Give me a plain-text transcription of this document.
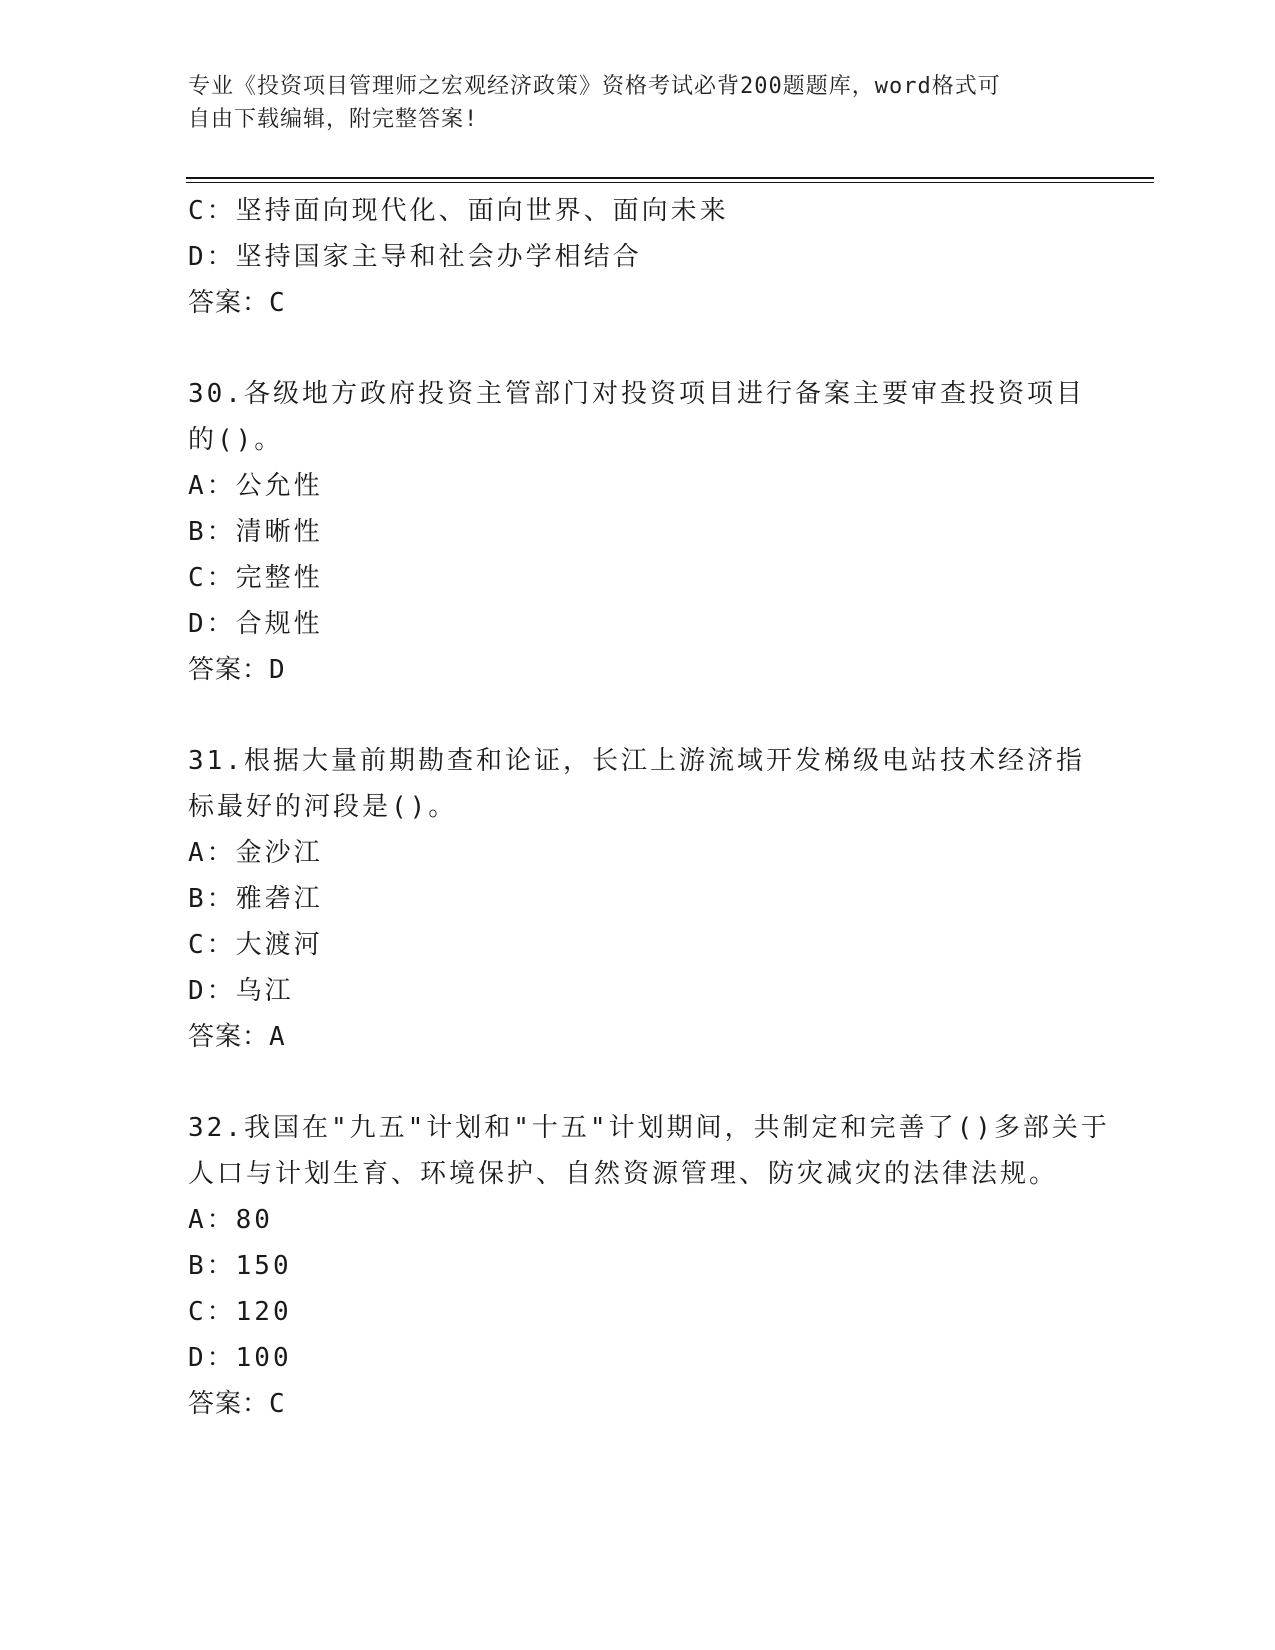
专业《投资项目管理师之宏观经济政策》资格考试必背200题题库，word格式可
自由下载编辑，附完整答案!
C：坚持面向现代化、面向世界、面向未来
D：坚持国家主导和社会办学相结合
答案：C
30.各级地方政府投资主管部门对投资项目进行备案主要审查投资项目
的()。
A：公允性
B：清晰性
C：完整性
D：合规性
答案：D
31.根据大量前期勘查和论证，长江上游流域开发梯级电站技术经济指
标最好的河段是()。
A：金沙江
B：雅砻江
C：大渡河
D：乌江
答案：A
32.我国在"九五"计划和"十五"计划期间，共制定和完善了()多部关于
人口与计划生育、环境保护、自然资源管理、防灾减灾的法律法规。
A：80
B：150
C：120
D：100
答案：C
